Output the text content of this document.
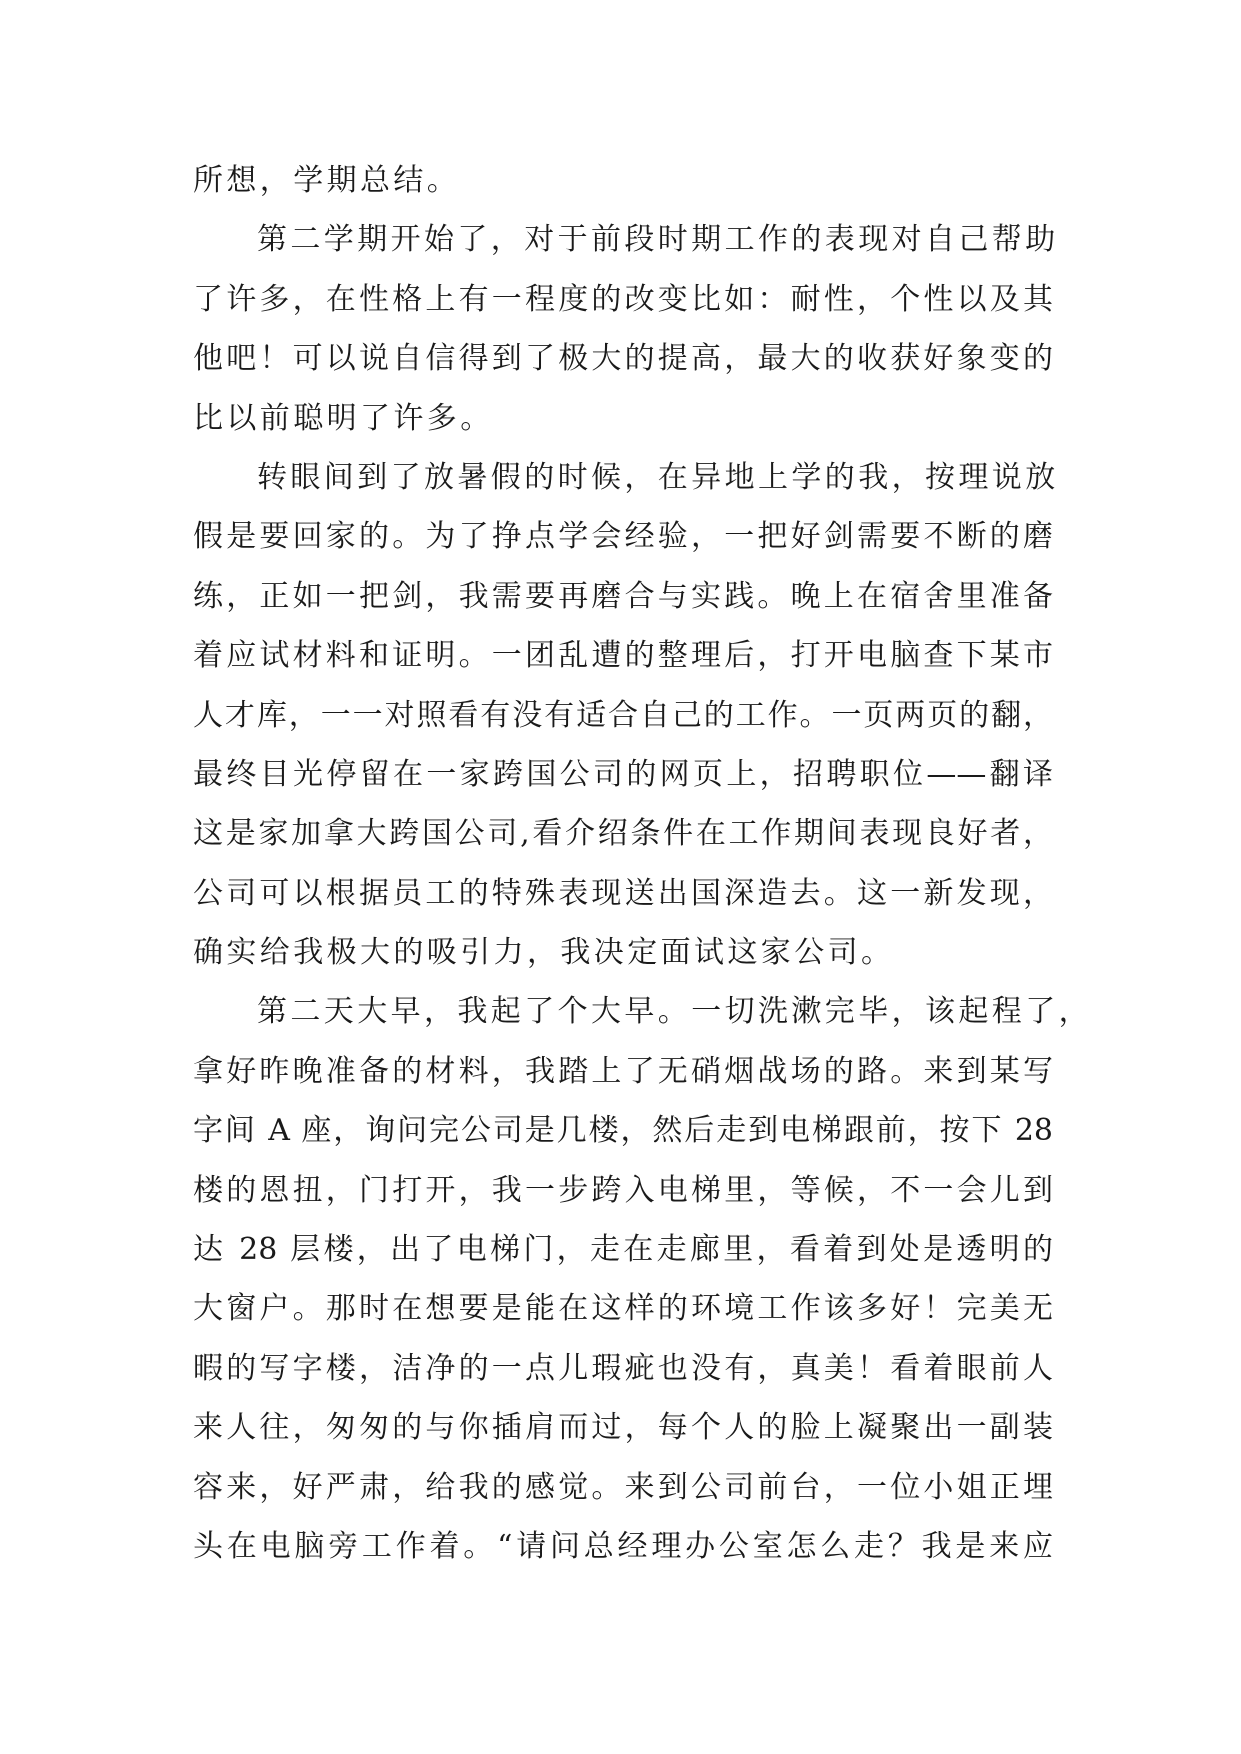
所想，学期总结。
第二学期开始了，对于前段时期工作的表现对自己帮助
了许多，在性格上有一程度的改变比如：耐性，个性以及其
他吧！可以说自信得到了极大的提高，最大的收获好象变的
比以前聪明了许多。
转眼间到了放暑假的时候，在异地上学的我，按理说放
假是要回家的。为了挣点学会经验，一把好剑需要不断的磨
练，正如一把剑，我需要再磨合与实践。晚上在宿舍里准备
着应试材料和证明。一团乱遭的整理后，打开电脑查下某市
人才库，一一对照看有没有适合自己的工作。一页两页的翻，
最终目光停留在一家跨国公司的网页上，招聘职位——翻译
这是家加拿大跨国公司,看介绍条件在工作期间表现良好者，
公司可以根据员工的特殊表现送出国深造去。这一新发现，
确实给我极大的吸引力，我决定面试这家公司。
第二天大早，我起了个大早。一切洗漱完毕，该起程了，
拿好昨晚准备的材料，我踏上了无硝烟战场的路。来到某写
字间 A 座，询问完公司是几楼，然后走到电梯跟前，按下 28
楼的恩扭，门打开，我一步跨入电梯里，等候，不一会儿到
达 28 层楼，出了电梯门，走在走廊里，看着到处是透明的
大窗户。那时在想要是能在这样的环境工作该多好！完美无
暇的写字楼，洁净的一点儿瑕疵也没有，真美！看着眼前人
来人往，匆匆的与你插肩而过，每个人的脸上凝聚出一副装
容来，好严肃，给我的感觉。来到公司前台，一位小姐正埋
头在电脑旁工作着。“请问总经理办公室怎么走？我是来应
